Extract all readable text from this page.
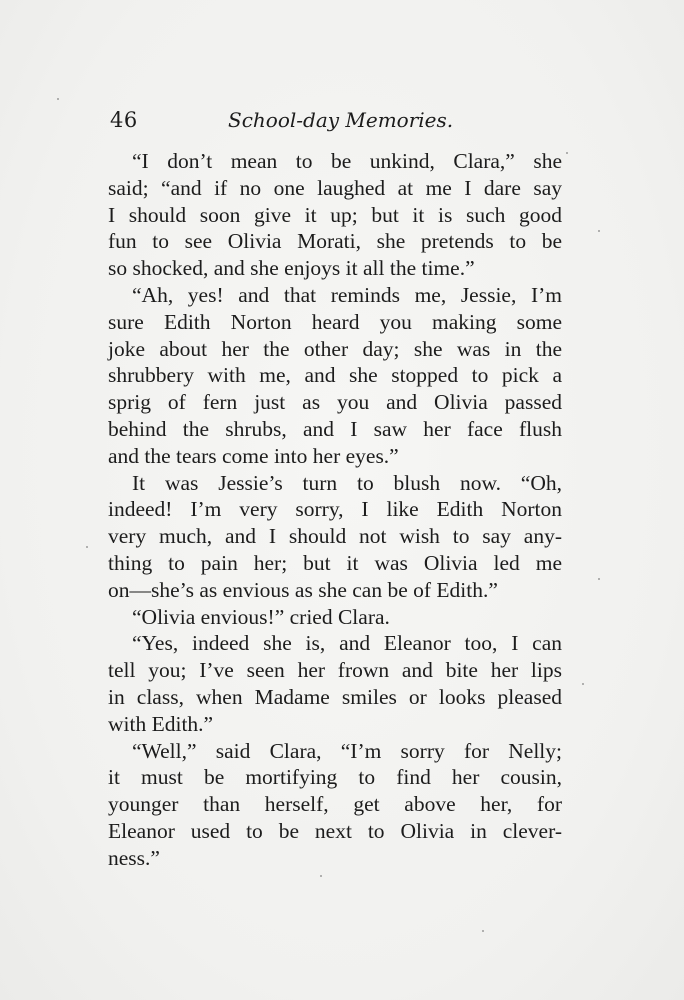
46	School-day Memories.
“I don’t mean to be unkind, Clara,” she
said; “and if no one laughed at me I dare say
I should soon give it up; but it is such good
fun to see Olivia Morati, she pretends to be
so shocked, and she enjoys it all the time.”
“Ah, yes! and that reminds me, Jessie, I’m
sure Edith Norton heard you making some
joke about her the other day; she was in the
shrubbery with me, and she stopped to pick a
sprig of fern just as you and Olivia passed
behind the shrubs, and I saw her face flush
and the tears come into her eyes.”
It was Jessie’s turn to blush now. “Oh,
indeed! I’m very sorry, I like Edith Norton
very much, and I should not wish to say any-
thing to pain her; but it was Olivia led me
on—she’s as envious as she can be of Edith.”
“Olivia envious!” cried Clara.
“Yes, indeed she is, and Eleanor too, I can
tell you; I’ve seen her frown and bite her lips
in class, when Madame smiles or looks pleased
with Edith.”
“Well,” said Clara, “I’m sorry for Nelly;
it must be mortifying to find her cousin,
younger than herself, get above her, for
Eleanor used to be next to Olivia in clever-
ness.”
